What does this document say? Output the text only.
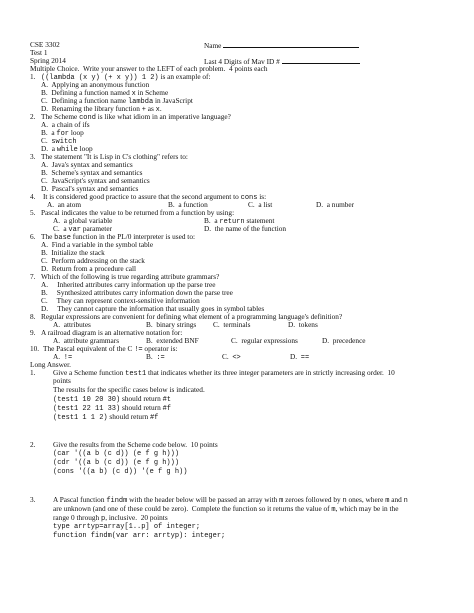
CSE 3302	Name
Test 1
Spring 2014	Last 4 Digits of Mav ID #
Multiple Choice.  Write your answer to the LEFT of each problem.  4 points each
1. ((lambda (x y) (+ x y)) 1 2) is an example of:
A.  Applying an anonymous function
B.  Defining a function named x in Scheme
C.  Defining a function name lambda in JavaScript
D.  Renaming the library function + as x.
2. The Scheme cond is like what idiom in an imperative language?
A.  a chain of ifs
B.  a for loop
C.  switch
D.  a while loop
3. The statement "It is Lisp in C's clothing" refers to:
A.  Java's syntax and semantics
B.  Scheme's syntax and semantics
C.  JavaScript's syntax and semantics
D.  Pascal's syntax and semantics
4. It is considered good practice to assure that the second argument to cons is:
A.  an atom	B.  a function	C.  a list	D.  a number
5. Pascal indicates the value to be returned from a function by using:
A.  a global variable	B.  a return statement
C.  a var parameter	D.  the name of the function
6. The base function in the PL/0 interpreter is used to:
A.  Find a variable in the symbol table
B.  Initialize the stack
C.  Perform addressing on the stack
D.  Return from a procedure call
7. Which of the following is true regarding attribute grammars?
A.     Inherited attributes carry information up the parse tree
B.     Synthesized attributes carry information down the parse tree
C.     They can represent context-sensitive information
D.     They cannot capture the information that usually goes in symbol tables
8. Regular expressions are convenient for defining what element of a programming language's definition?
A.  attributes	B.  binary strings C.  terminals	D.  tokens
9. A railroad diagram is an alternative notation for:
A.  attribute grammars	B.  extended BNF	C.  regular expressions	D.  precedence
10. The Pascal equivalent of the C != operator is:
A.  !=	B.  :=	C.  <>	D.  ==
Long Answer.
1. Give a Scheme function test1 that indicates whether its three integer parameters are in strictly increasing order.  10
points
The results for the specific cases below is indicated.
(test1 10 20 30) should return #t
(test1 22 11 33) should return #f
(test1 1 1 2) should return #f
2. Give the results from the Scheme code below.  10 points
(car '((a b (c d)) (e f g h)))
(cdr '((a b (c d)) (e f g h)))
(cons '((a b) (c d)) '(e f g h))
3. A Pascal function findm with the header below will be passed an array with m zeroes followed by n ones, where m and n
are unknown (and one of these could be zero).  Complete the function so it returns the value of m, which may be in the
range 0 through p, inclusive.  20 points
type arrtyp=array[1..p] of integer;
function findm(var arr: arrtyp): integer;
